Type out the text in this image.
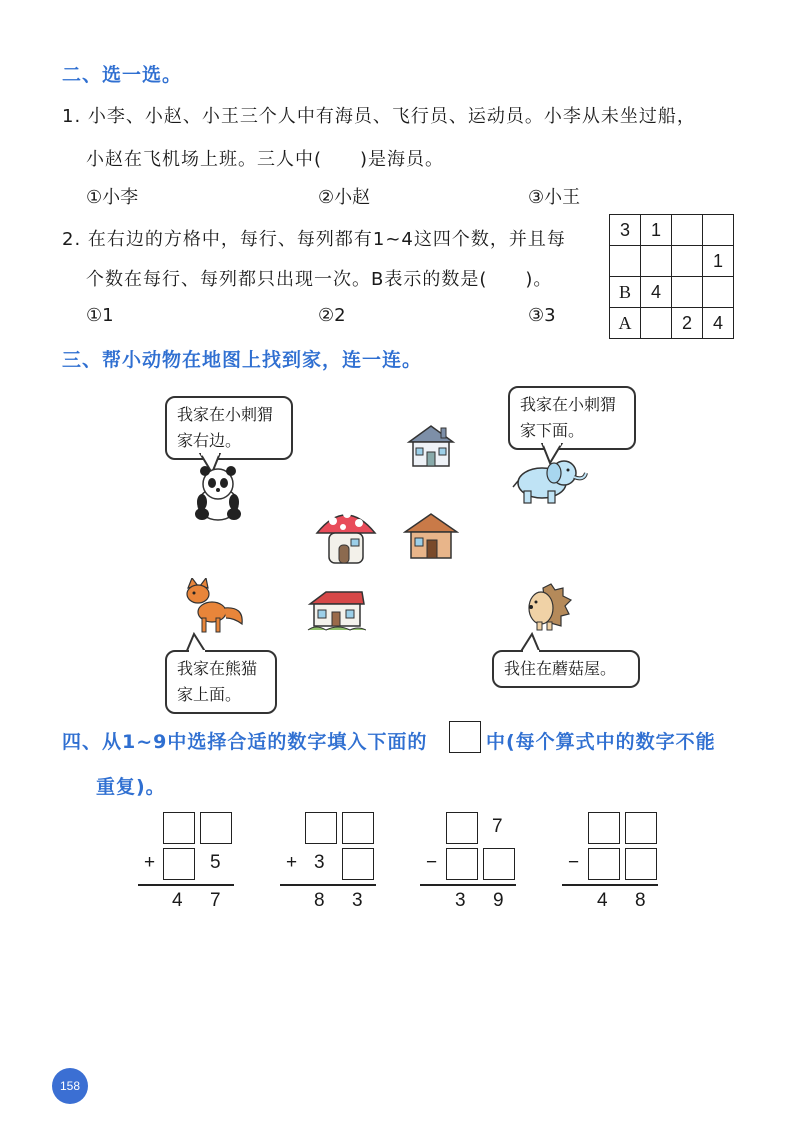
二、选一选。
1. 小李、小赵、小王三个人中有海员、飞行员、运动员。小李从未坐过船，
小赵在飞机场上班。三人中(　　)是海员。
①小李	②小赵	③小王
2. 在右边的方格中，每行、每列都有1~4这四个数，并且每
个数在每行、每列都只出现一次。B表示的数是(　　)。
①1	②2	③3
3	1		
			1
B	4		
A		2	4
三、帮小动物在地图上找到家，连一连。
我家在小刺猬
家右边。
我家在小刺猬
家下面。
我家在熊猫
家上面。
我住在蘑菇屋。
四、从1~9中选择合适的数字填入下面的	中(每个算式中的数字不能
重复)。
+	5
4 7
+ 3
8 3
7
−
3 9
−
4 8
158
